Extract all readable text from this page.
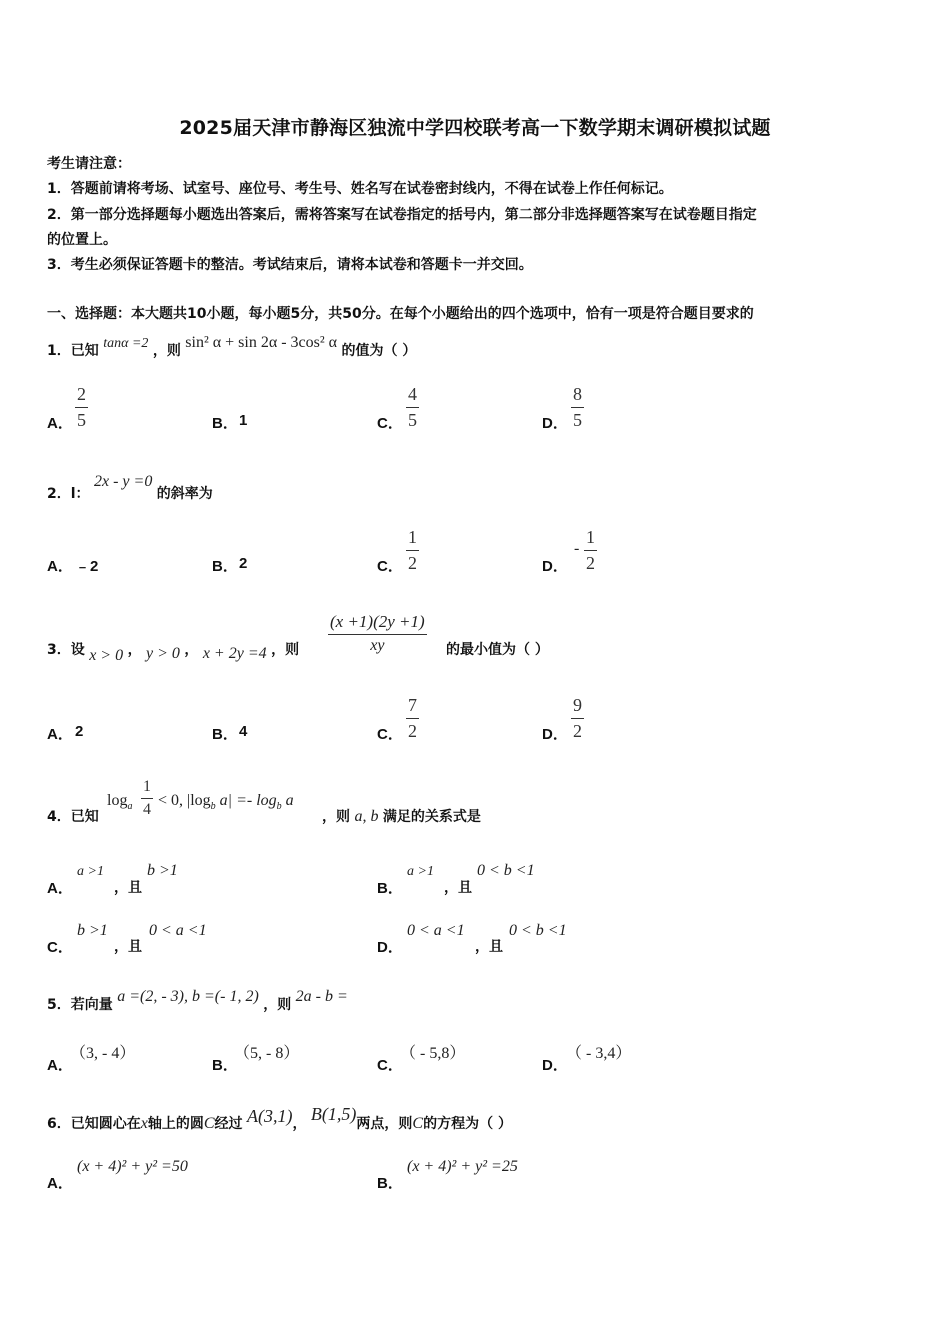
2025届天津市静海区独流中学四校联考高一下数学期末调研模拟试题
考生请注意：
1．答题前请将考场、试室号、座位号、考生号、姓名写在试卷密封线内，不得在试卷上作任何标记。
2．第一部分选择题每小题选出答案后，需将答案写在试卷指定的括号内，第二部分非选择题答案写在试卷题目指定
的位置上。
3．考生必须保证答题卡的整洁。考试结束后，请将本试卷和答题卡一并交回。
一、选择题：本大题共10小题，每小题5分，共50分。在每个小题给出的四个选项中，恰有一项是符合题目要求的
1．已知 tanα =2 ，则 sin² α + sin 2α - 3cos² α 的值为（ ）
A．
2
5	B． 1	C．
4
5	D．
8
5
2．l： 2x - y =0 的斜率为
A． ﹣2	B． 2	C．
1
2	D．
-
1
2
3．设 x > 0 ， y > 0 ， x + 2y =4 ，则
(x +1)(2y +1)
xy	的最小值为（ ）
A． 2	B． 4	C．
7
2	D．
9
2
4．已知
$\log_a$
1
4
< 0, $|\log_b$ $a| =- \log_b a$
，则 a, b 满足的关系式是
A．
a >1
，且
b >1
B．
a >1
，且
0 < b <1
C．
b >1
，且
0 < a <1
D．
0 < a <1
，且
0 < b <1
5．若向量 a =(2, - 3), b =(- 1, 2) ，则 2a - b =
A．
（3, - 4）
B．
（5, - 8）
C．
（ - 5,8）
D．
（ - 3,4）
6．已知圆心在x轴上的圆C经过 A(3,1)， B(1,5)两点，则C的方程为（ ）
A．
(x + 4)² + y² =50
B．
(x + 4)² + y² =25
